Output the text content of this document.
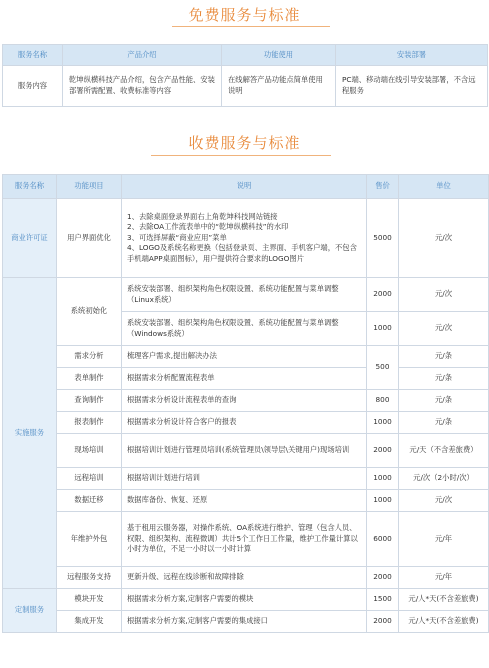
免费服务与标准
服务名称	产品介绍	功能使用	安装部署
服务内容	乾坤纵横科技产品介绍，包含产品性能、安装部署所需配置、收费标准等内容	在线解答产品功能点简单使用说明	PC端、移动端在线引导安装部署，不含远程服务
收费服务与标准
服务名称	功能项目	说明	售价	单位
商业许可证	用户界面优化	1、去除桌面登录界面右上角乾坤科技网站链接
2、去除OA工作流表单中的“乾坤纵横科技”的水印
3、可选择屏蔽“商业应用”菜单
4、LOGO及系统名称更换（包括登录页、主界面、手机客户端，不包含手机端APP桌面图标），用户提供符合要求的LOGO图片	5000	元/次
实施服务	系统初始化	系统安装部署、组织架构角色权限设置、系统功能配置与菜单调整（Linux系统）	2000	元/次
		系统安装部署、组织架构角色权限设置、系统功能配置与菜单调整（Windows系统）	1000	元/次
	需求分析	梳理客户需求,提出解决办法	500	元/条
	表单制作	根据需求分析配置流程表单		元/条
	查询制作	根据需求分析设计流程表单的查询	800	元/条
	报表制作	根据需求分析设计符合客户的报表	1000	元/条
	现场培训	根据培训计划进行管理员培训(系统管理员\领导层\关键用户)现场培训	2000	元/天（不含差旅费）
	远程培训	根据培训计划进行培训	1000	元/次（2小时/次）
	数据迁移	数据库备份、恢复、还原	1000	元/次
	年维护外包	基于租用云服务器，对操作系统、OA系统进行维护、管理（包含人员、权限、组织架构、流程微调）共计5个工作日工作量，维护工作量计算以小时为单位，不足一小时以一小时计算	6000	元/年
	远程服务支持	更新升级、远程在线诊断和故障排除	2000	元/年
定制服务	模块开发	根据需求分析方案,定制客户需要的模块	1500	元/人*天(不含差旅费)
	集成开发	根据需求分析方案,定制客户需要的集成接口	2000	元/人*天(不含差旅费)
